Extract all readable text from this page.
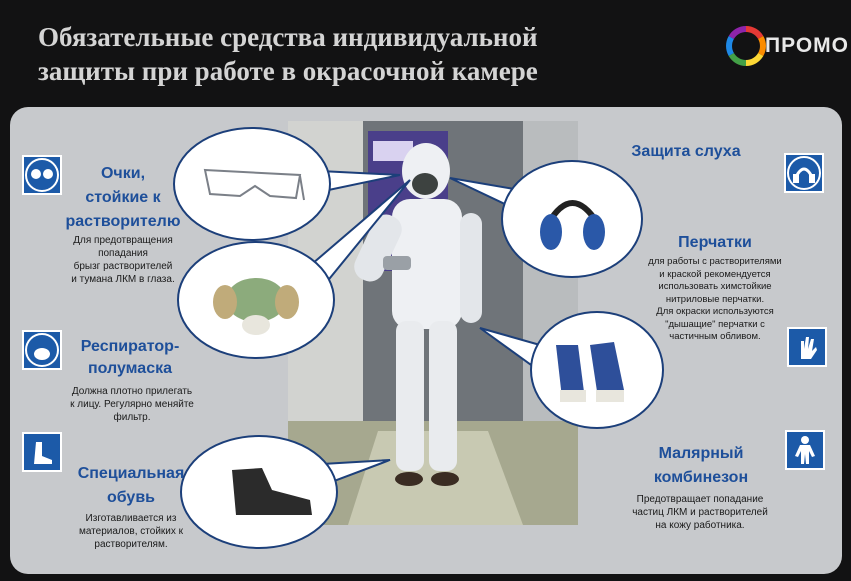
Обязательные средства индивидуальной
защиты при работе в окрасочной камере
ПРОМО
Очки,
стойкие к
растворителю
Для предотвращения
попадания
брызг растворителей
и тумана ЛКМ в глаза.
Респиратор-
полумаска
Должна плотно прилегать
к лицу. Регулярно меняйте
фильтр.
Специальная
обувь
Изготавливается из
материалов, стойких к
растворителям.
Защита слуха
Перчатки
для работы с растворителями
и краской рекомендуется
использовать химстойкие
нитриловые перчатки.
Для окраски используются
"дышащие" перчатки с
частичным обливом.
Малярный
комбинезон
Предотвращает попадание
частиц ЛКМ и растворителей
на кожу работника.
